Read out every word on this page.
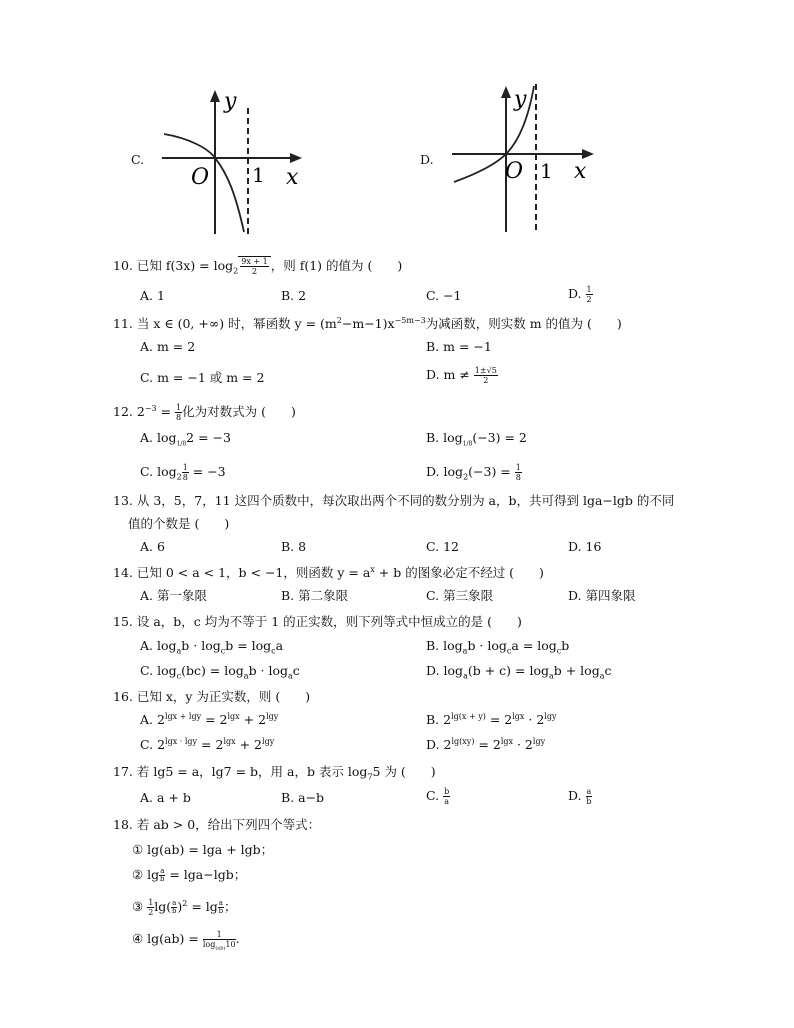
C.
y
x
O 1
D.
y
x
O 1
10. 已知 $f(3x) = \log_2 \frac{9x + 1}{2}$ ，则 f(1) 的值为 (　　)
A. 1	B. 2	C. −1	D. $\frac{1}{2}$
11. 当 x ∈ (0, +∞) 时，幂函数 $y = (m^2-m-1)x^{-5m-3}$为减函数，则实数 m 的值为 (　　)
A. m = 2	B. m = −1
C. m = −1 或 m = 2	D. $m \ne \frac{1\pm√5}{2}$
12. $2^{-3} = \frac{1}{8}$ 化为对数式为 (　　)
A. $\log_{1/8}2 = -3$	B. $\log_{1/8}(-3) = 2$
C. $\log_2 \frac{1}{8} = -3$	D. $\log_2(-3) = \frac{1}{8}$
13. 从 3，5，7，11 这四个质数中，每次取出两个不同的数分别为 a，b，共可得到 lga−lgb 的不同
值的个数是 (　　)
A. 6	B. 8	C. 12	D. 16
14. 已知 0 < a < 1，b < −1，则函数 $y = a^x + b$ 的图象必定不经过 (　　)
A. 第一象限	B. 第二象限	C. 第三象限	D. 第四象限
15. 设 a，b，c 均为不等于 1 的正实数，则下列等式中恒成立的是 (　　)
A. $\log_ab \cdot \log_cb = \log_ca$	B. $\log_ab \cdot \log_ca = \log_cb$
C. $\log_c(bc) = \log_ab \cdot \log_ac$	D. $\log_a(b + c) = \log_ab + \log_ac$
16. 已知 x，y 为正实数，则 (　　)
A. $2^{lgx + lgy} = 2^{lgx} + 2^{lgy}$	B. $2^{lg(x + y)} = 2^{lgx} \cdot 2^{lgy}$
C. $2^{lgx \cdot lgy} = 2^{lgx} + 2^{lgy}$	D. $2^{lg(xy)} = 2^{lgx} \cdot 2^{lgy}$
17. 若 lg5 = a，lg7 = b，用 a，b 表示 $\log_75$ 为 (　　)
A. a + b	B. a−b	C. $\frac{b}{a}$	D. $\frac{a}{b}$
18. 若 ab > 0，给出下列四个等式：
① lg(ab) = lga + lgb；
② $\lg \frac{a}{b} = \lg a-\lg b$；
③ $\frac{1}{2} \lg( \frac{a}{b} )^2 = \lg \frac{a}{b}$ ；
④ $\lg(ab) = \frac{1}{\log_{(ab)}10}$ .
